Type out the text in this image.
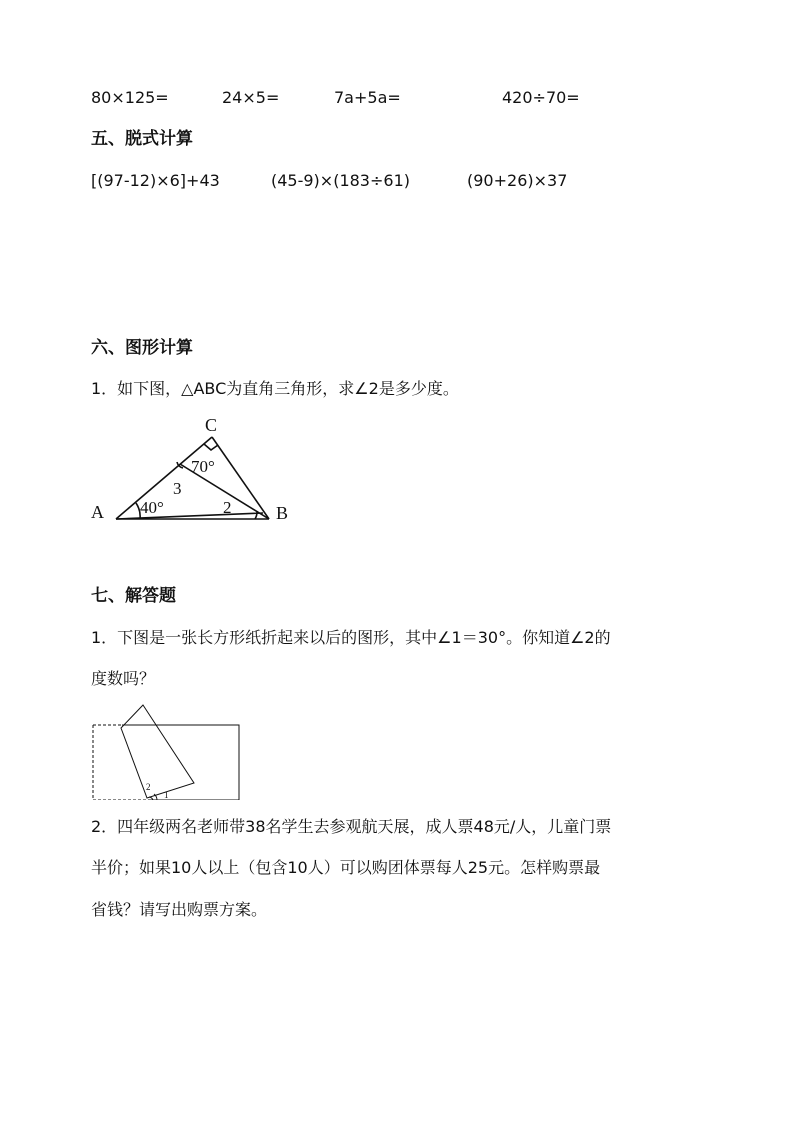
80×125=	24×5=	7a+5a=	420÷70=
五、脱式计算
[(97-12)×6]+43	(45-9)×(183÷61)	(90+26)×37
六、图形计算
1．如下图，△ABC为直角三角形，求∠2是多少度。
C
A	B
70°
3
40°	2
七、解答题
1．下图是一张长方形纸折起来以后的图形，其中∠1＝30°。你知道∠2的
度数吗？
2
1
2．四年级两名老师带38名学生去参观航天展，成人票48元/人，儿童门票
半价；如果10人以上（包含10人）可以购团体票每人25元。怎样购票最
省钱？请写出购票方案。
